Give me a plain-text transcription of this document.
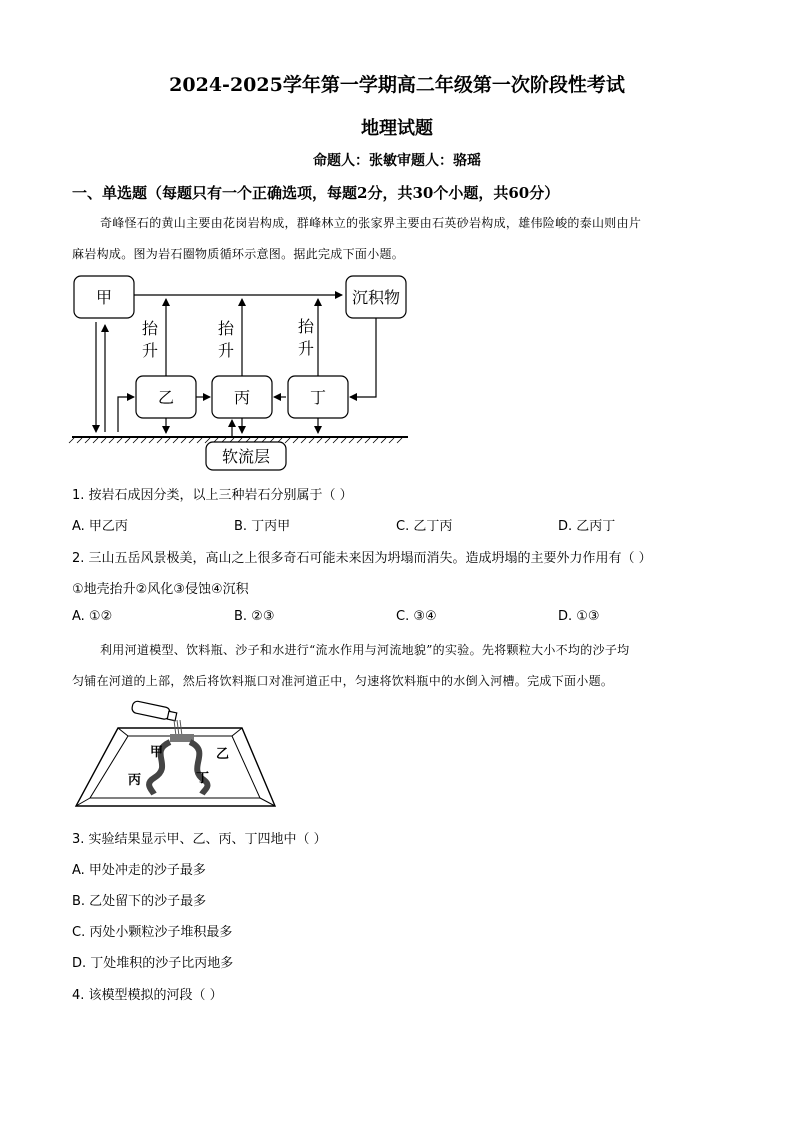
2024-2025学年第一学期高二年级第一次阶段性考试
地理试题
命题人：张敏审题人：骆瑶
一、单选题（每题只有一个正确选项，每题2分，共30个小题，共60分）
奇峰怪石的黄山主要由花岗岩构成，群峰林立的张家界主要由石英砂岩构成，雄伟险峻的泰山则由片
麻岩构成。图为岩石圈物质循环示意图。据此完成下面小题。
甲	沉积物
乙	丙	丁
软流层
抬
升
抬
升
抬
升
1. 按岩石成因分类，以上三种岩石分别属于（ ）
A. 甲乙丙	B. 丁丙甲	C. 乙丁丙	D. 乙丙丁
2. 三山五岳风景极美，高山之上很多奇石可能未来因为坍塌而消失。造成坍塌的主要外力作用有（ ）
①地壳抬升②风化③侵蚀④沉积
A. ①②	B. ②③	C. ③④	D. ①③
利用河道模型、饮料瓶、沙子和水进行“流水作用与河流地貌”的实验。先将颗粒大小不均的沙子均
匀铺在河道的上部，然后将饮料瓶口对准河道正中，匀速将饮料瓶中的水倒入河槽。完成下面小题。
甲	乙
丙	丁
3. 实验结果显示甲、乙、丙、丁四地中（ ）
A. 甲处冲走的沙子最多
B. 乙处留下的沙子最多
C. 丙处小颗粒沙子堆积最多
D. 丁处堆积的沙子比丙地多
4. 该模型模拟的河段（ ）
